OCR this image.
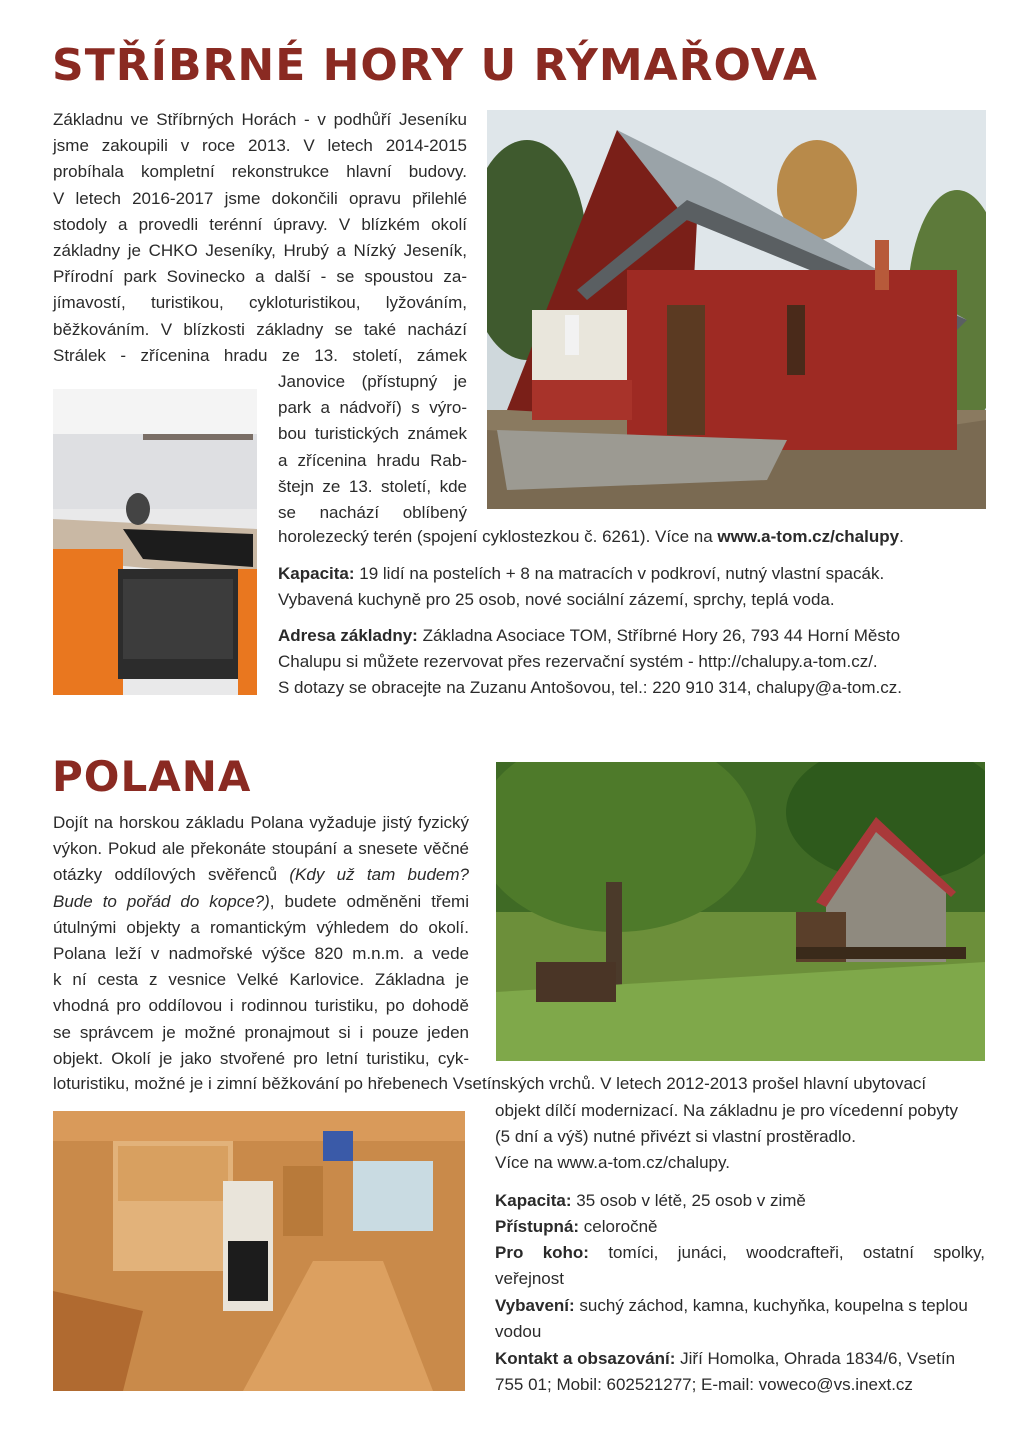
STŘÍBRNÉ HORY U RÝMAŘOVA

Základnu ve Stříbrných Horách - v podhůří Jeseníku

jsme zakoupili v roce 2013. V letech 2014-2015

probíhala kompletní rekonstrukce hlavní budovy.

V letech 2016-2017 jsme dokončili opravu přilehlé

stodoly a provedli terénní úpravy. V blízkém okolí

základny je CHKO Jeseníky, Hrubý a Nízký Jeseník,

Přírodní park Sovinecko a další - se spoustou za-

jímavostí, turistikou, cykloturistikou, lyžováním,

běžkováním. V blízkosti základny se také nachází

Strálek - zřícenina hradu ze 13. století, zámek

Janovice (přístupný je

park a nádvoří) s výro-

bou turistických známek

a zřícenina hradu Rab-

štejn ze 13. století, kde

se nachází oblíbený

horolezecký terén (spojení cyklostezkou č. 6261). Více na www.a-tom.cz/chalupy.

Kapacita: 19 lidí na postelích + 8 na matracích v podkroví, nutný vlastní spacák.

Vybavená kuchyně pro 25 osob, nové sociální zázemí, sprchy, teplá voda.

Adresa základny: Základna Asociace TOM, Stříbrné Hory 26, 793 44 Horní Město

Chalupu si můžete rezervovat přes rezervační systém - http://chalupy.a-tom.cz/.

S dotazy se obracejte na Zuzanu Antošovou, tel.: 220 910 314, chalupy@a-tom.cz.

POLANA

Dojít na horskou základu Polana vyžaduje jistý fyzický

výkon. Pokud ale překonáte stoupání a snesete věčné

otázky oddílových svěřenců (Kdy už tam budem?

Bude to pořád do kopce?), budete odměněni třemi

útulnými objekty a romantickým výhledem do okolí.

Polana leží v nadmořské výšce 820 m.n.m. a vede

k ní cesta z vesnice Velké Karlovice. Základna je

vhodná pro oddílovou i rodinnou turistiku, po dohodě

se správcem je možné pronajmout si i pouze jeden

objekt. Okolí je jako stvořené pro letní turistiku, cyk-

loturistiku, možné je i zimní běžkování po hřebenech Vsetínských vrchů. V letech 2012-2013 prošel hlavní ubytovací

objekt dílčí modernizací. Na základnu je pro vícedenní pobyty

(5 dní a výš) nutné přivézt si vlastní prostěradlo.

Více na www.a-tom.cz/chalupy.

Kapacita: 35 osob v létě, 25 osob v zimě

Přístupná: celoročně

Pro koho: tomíci, junáci, woodcrafteři, ostatní spolky,

veřejnost

Vybavení: suchý záchod, kamna, kuchyňka, koupelna s teplou

vodou

Kontakt a obsazování: Jiří Homolka, Ohrada 1834/6, Vsetín

755 01; Mobil: 602521277; E-mail: voweco@vs.inext.cz
